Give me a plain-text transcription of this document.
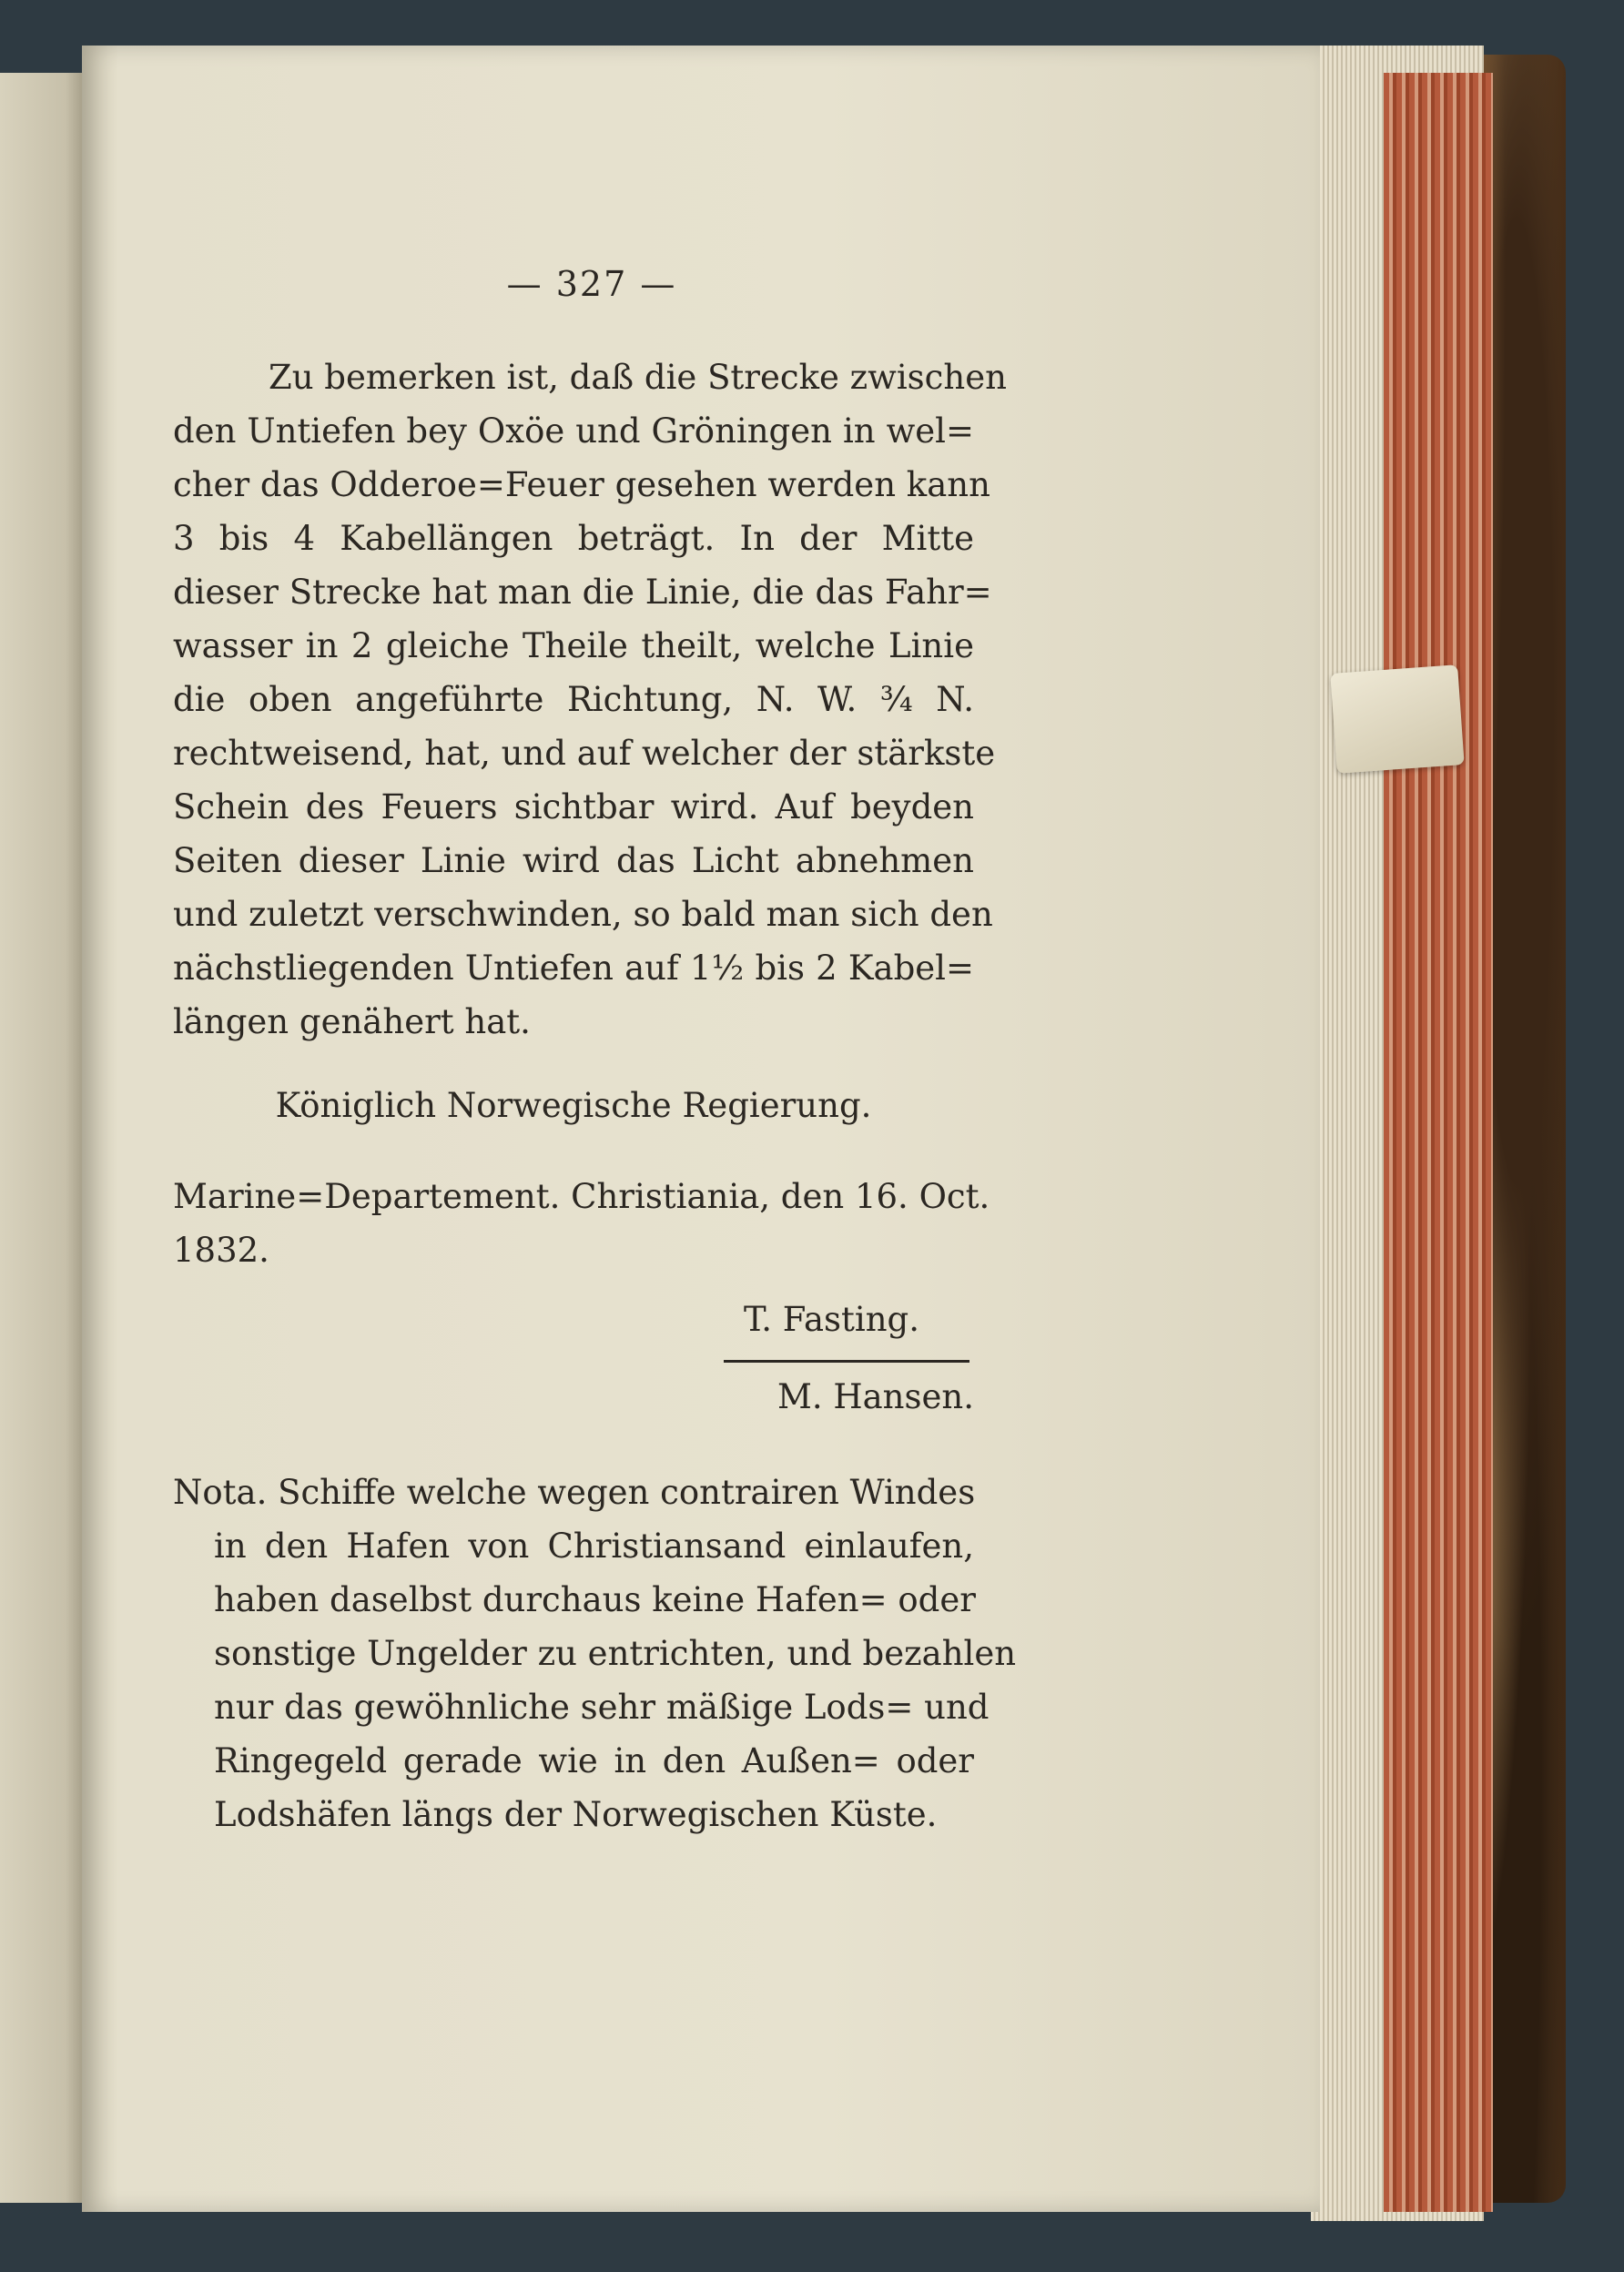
— 327 —
Zu bemerken ist, daß die Strecke zwischen
den Untiefen bey Oxöe und Gröningen in wel=
cher das Odderoe=Feuer gesehen werden kann
3 bis 4 Kabellängen beträgt. In der Mitte
dieser Strecke hat man die Linie, die das Fahr=
wasser in 2 gleiche Theile theilt, welche Linie
die oben angeführte Richtung, N. W. ¾ N.
rechtweisend, hat, und auf welcher der stärkste
Schein des Feuers sichtbar wird. Auf beyden
Seiten dieser Linie wird das Licht abnehmen
und zuletzt verschwinden, so bald man sich den
nächstliegenden Untiefen auf 1½ bis 2 Kabel=
längen genähert hat.
Königlich Norwegische Regierung.
Marine=Departement. Christiania, den 16. Oct.
1832.
T. Fasting.
M. Hansen.
Nota. Schiffe welche wegen contrairen Windes
in den Hafen von Christiansand einlaufen,
haben daselbst durchaus keine Hafen= oder
sonstige Ungelder zu entrichten, und bezahlen
nur das gewöhnliche sehr mäßige Lods= und
Ringegeld gerade wie in den Außen= oder
Lodshäfen längs der Norwegischen Küste.
